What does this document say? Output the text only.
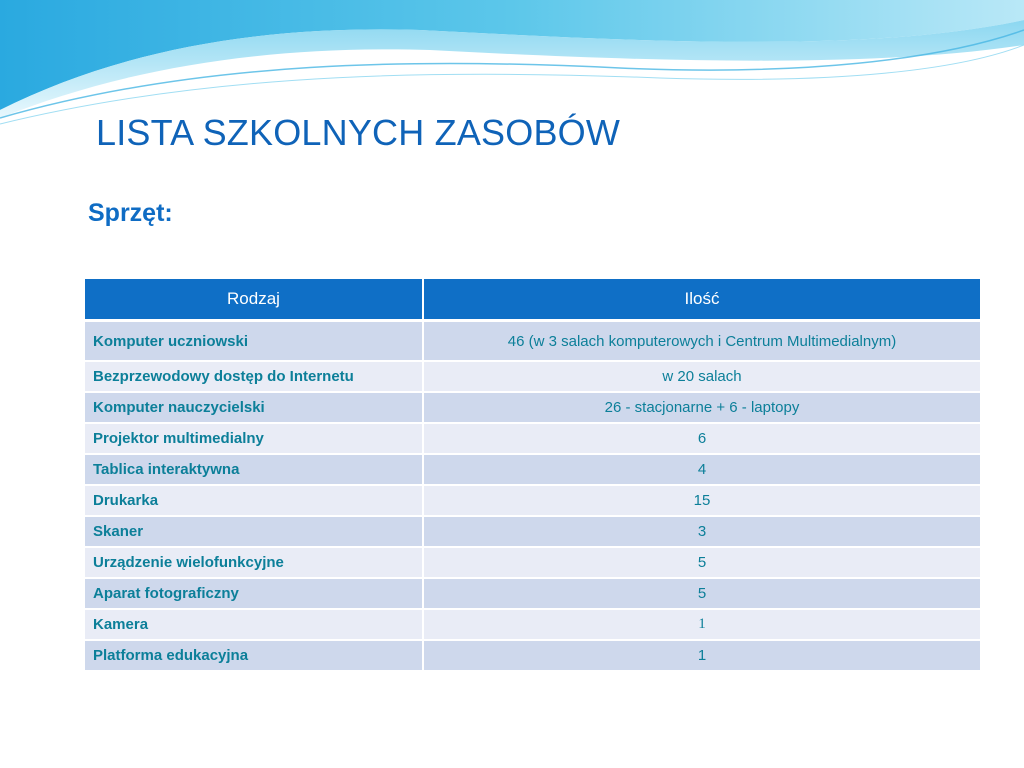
LISTA SZKOLNYCH ZASOBÓW
Sprzęt:
Rodzaj	Ilość
Komputer uczniowski	46 (w 3 salach komputerowych i Centrum Multimedialnym)
Bezprzewodowy dostęp do Internetu	w 20 salach
Komputer nauczycielski	26 - stacjonarne + 6 - laptopy
Projektor multimedialny	6
Tablica interaktywna	4
Drukarka	15
Skaner	3
Urządzenie wielofunkcyjne	5
Aparat fotograficzny	5
Kamera	1
Platforma edukacyjna	1
